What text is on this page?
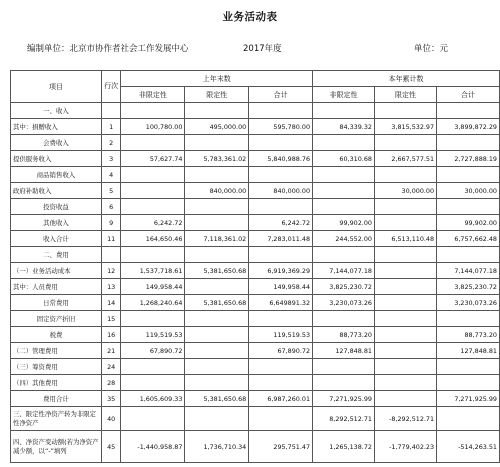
业务活动表
编制单位：北京市协作者社会工作发展中心	2017年度	单位：元
项目	行次	上年末数			本年累计数		
		非限定性	限定性	合计	非限定性	限定性	合计
一、收入							
其中：捐赠收入	1	100,780.00	495,000.00	595,780.00	84,339.32	3,815,532.97	3,899,872.29
会费收入	2						
提供服务收入	3	57,627.74	5,783,361.02	5,840,988.76	60,310.68	2,667,577.51	2,727,888.19
商品销售收入	4						
政府补助收入	5		840,000.00	840,000.00		30,000.00	30,000.00
投资收益	6						
其他收入	9	6,242.72		6,242.72	99,902.00		99,902.00
收入合计	11	164,650.46	7,118,361.02	7,283,011.48	244,552.00	6,513,110.48	6,757,662.48
二、费用							
（一）业务活动成本	12	1,537,718.61	5,381,650.68	6,919,369.29	7,144,077.18		7,144,077.18
其中：人员费用	13	149,958.44		149,958.44	3,825,230.72		3,825,230.72
日常费用	14	1,268,240.64	5,381,650.68	6,649891.32	3,230,073.26		3,230,073.26
固定资产折旧	15						
税费	16	119,519.53		119,519.53	88,773.20		88,773.20
（二）管理费用	21	67,890.72		67,890.72	127,848.81		127,848.81
（三）筹资费用	24						
（四）其他费用	28						
费用合计	35	1,605,609.33	5,381,650.68	6,987,260.01	7,271,925.99		7,271,925.99
三、限定性净资产转为非限定性净资产	40				8,292,512.71	-8,292,512.71	
四、净资产变动额(若为净资产减少额，以“-”填列	45	-1,440,958.87	1,736,710.34	295,751.47	1,265,138.72	-1,779,402.23	-514,263.51
